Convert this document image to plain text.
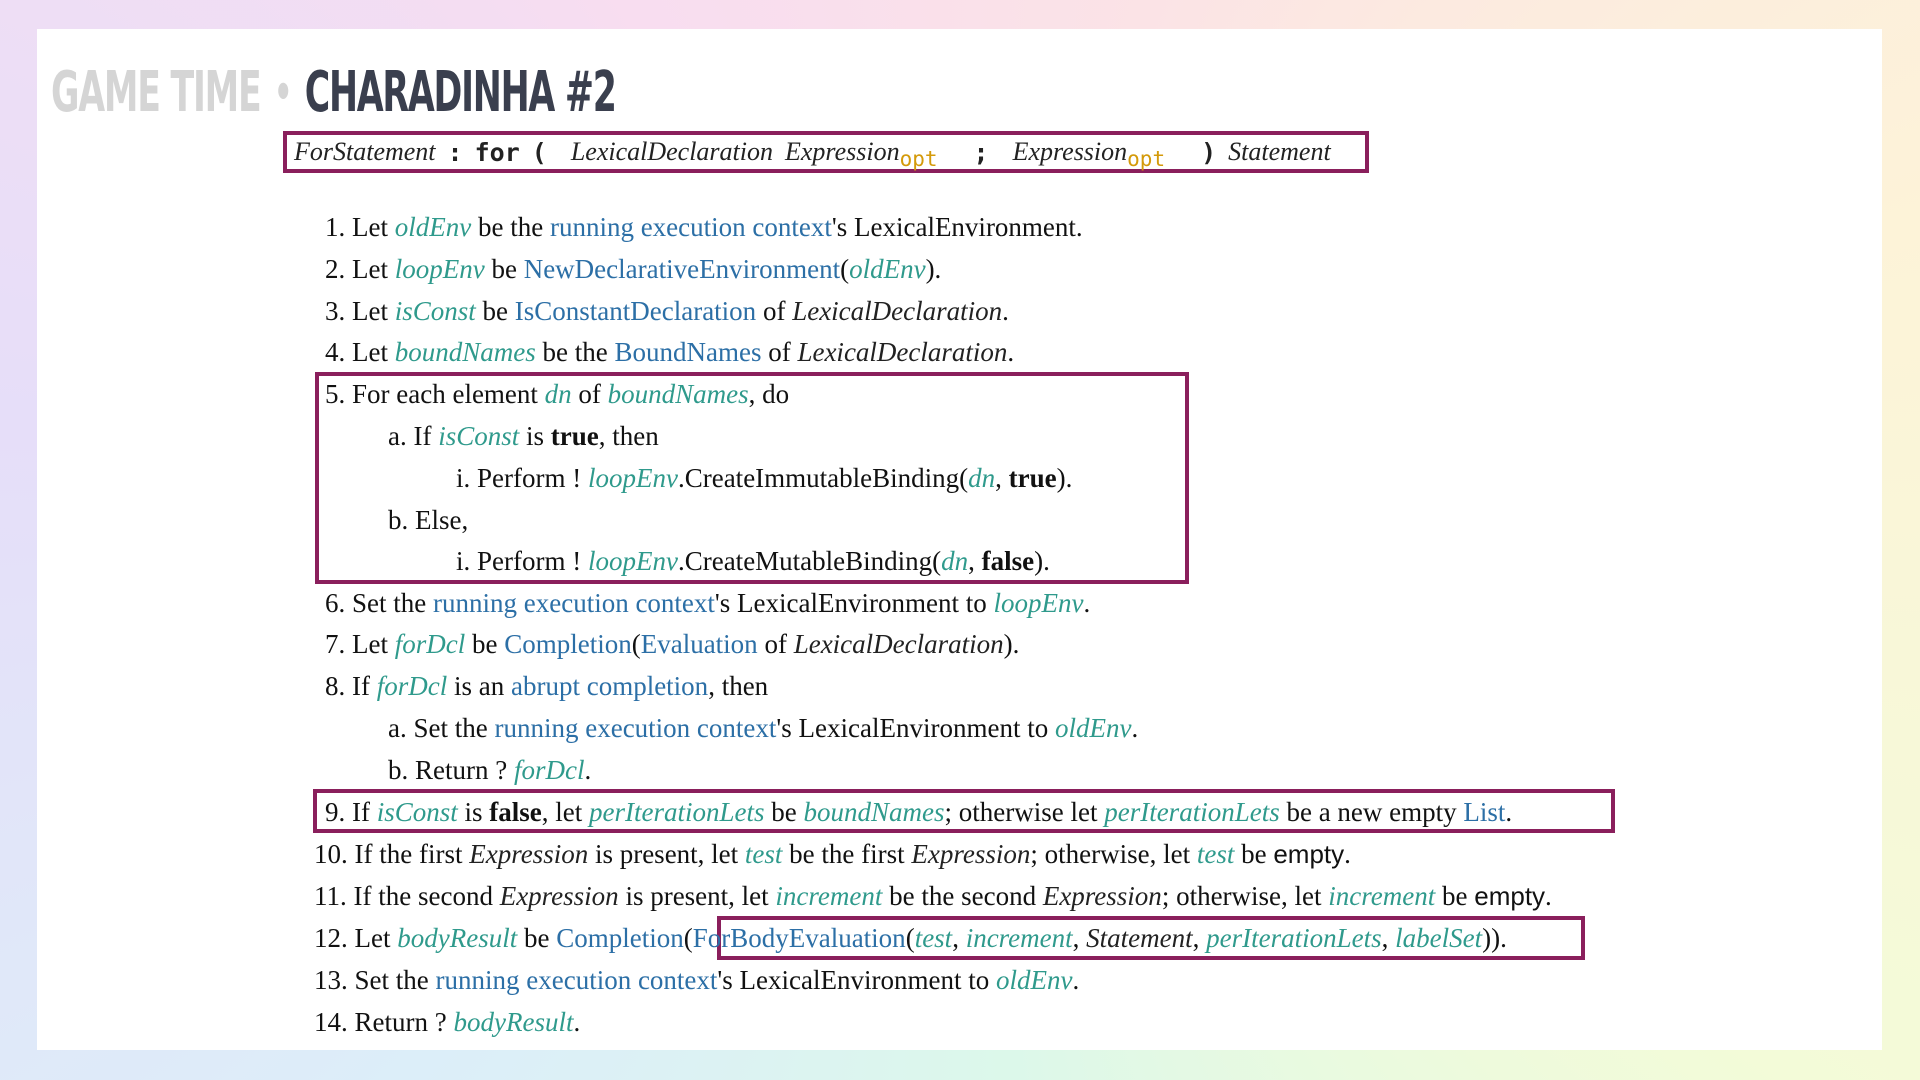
GAME TIME • CHARADINHA #2
ForStatement : for ( LexicalDeclaration Expression opt ; Expression opt ) Statement
1. Let oldEnv be the running execution context's LexicalEnvironment.
2. Let loopEnv be NewDeclarativeEnvironment(oldEnv).
3. Let isConst be IsConstantDeclaration of LexicalDeclaration.
4. Let boundNames be the BoundNames of LexicalDeclaration.
5. For each element dn of boundNames, do
a. If isConst is true, then
i. Perform ! loopEnv.CreateImmutableBinding(dn, true).
b. Else,
i. Perform ! loopEnv.CreateMutableBinding(dn, false).
6. Set the running execution context's LexicalEnvironment to loopEnv.
7. Let forDcl be Completion(Evaluation of LexicalDeclaration).
8. If forDcl is an abrupt completion, then
a. Set the running execution context's LexicalEnvironment to oldEnv.
b. Return ? forDcl.
9. If isConst is false, let perIterationLets be boundNames; otherwise let perIterationLets be a new empty List.
10. If the first Expression is present, let test be the first Expression; otherwise, let test be empty.
11. If the second Expression is present, let increment be the second Expression; otherwise, let increment be empty.
12. Let bodyResult be Completion(ForBodyEvaluation(test, increment, Statement, perIterationLets, labelSet)).
13. Set the running execution context's LexicalEnvironment to oldEnv.
14. Return ? bodyResult.
